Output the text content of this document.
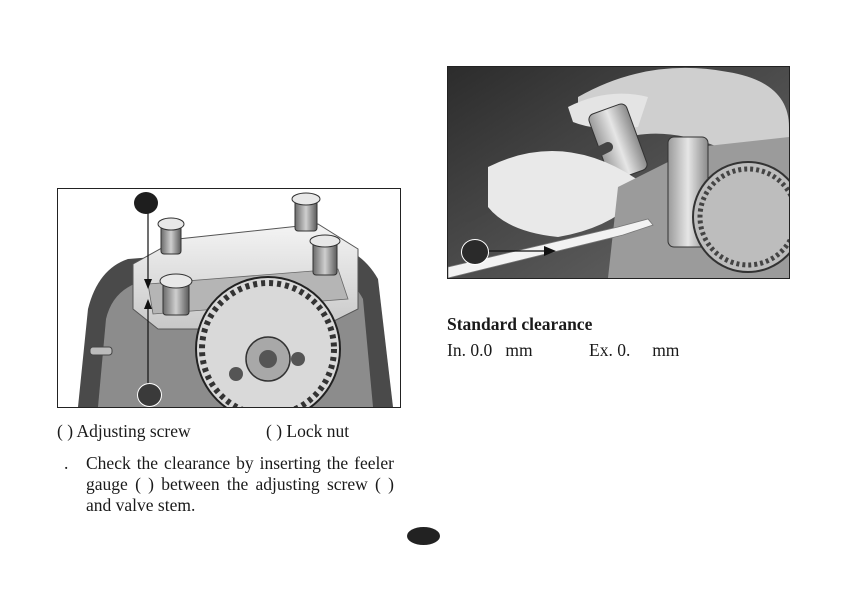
( ) Adjusting screw	( ) Lock nut
. Check the clearance by inserting the feeler gauge ( ) between the adjusting screw ( ) and valve stem.
Standard clearance
In. 0.0   mm	Ex. 0.     mm
